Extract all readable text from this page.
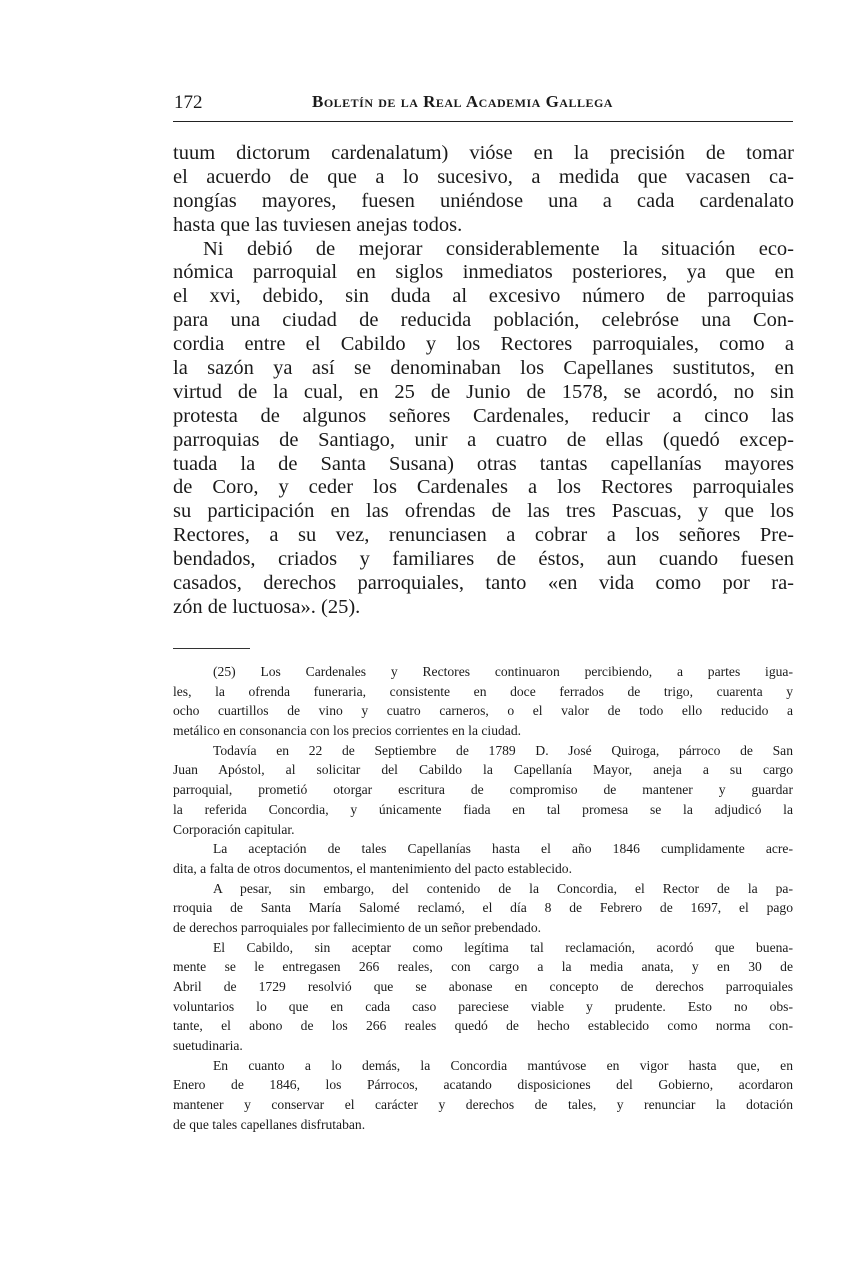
172	Boletín de la Real Academia Gallega
tuum dictorum cardenalatum) vióse en la precisión de tomar
el acuerdo de que a lo sucesivo, a medida que vacasen ca-
nongías mayores, fuesen uniéndose una a cada cardenalato
hasta que las tuviesen anejas todos.
Ni debió de mejorar considerablemente la situación eco-
nómica parroquial en siglos inmediatos posteriores, ya que en
el xvi, debido, sin duda al excesivo número de parroquias
para una ciudad de reducida población, celebróse una Con-
cordia entre el Cabildo y los Rectores parroquiales, como a
la sazón ya así se denominaban los Capellanes sustitutos, en
virtud de la cual, en 25 de Junio de 1578, se acordó, no sin
protesta de algunos señores Cardenales, reducir a cinco las
parroquias de Santiago, unir a cuatro de ellas (quedó excep-
tuada la de Santa Susana) otras tantas capellanías mayores
de Coro, y ceder los Cardenales a los Rectores parroquiales
su participación en las ofrendas de las tres Pascuas, y que los
Rectores, a su vez, renunciasen a cobrar a los señores Pre-
bendados, criados y familiares de éstos, aun cuando fuesen
casados, derechos parroquiales, tanto «en vida como por ra-
zón de luctuosa». (25).
(25) Los Cardenales y Rectores continuaron percibiendo, a partes igua-
les, la ofrenda funeraria, consistente en doce ferrados de trigo, cuarenta y
ocho cuartillos de vino y cuatro carneros, o el valor de todo ello reducido a
metálico en consonancia con los precios corrientes en la ciudad.
Todavía en 22 de Septiembre de 1789 D. José Quiroga, párroco de San
Juan Apóstol, al solicitar del Cabildo la Capellanía Mayor, aneja a su cargo
parroquial, prometió otorgar escritura de compromiso de mantener y guardar
la referida Concordia, y únicamente fiada en tal promesa se la adjudicó la
Corporación capitular.
La aceptación de tales Capellanías hasta el año 1846 cumplidamente acre-
dita, a falta de otros documentos, el mantenimiento del pacto establecido.
A pesar, sin embargo, del contenido de la Concordia, el Rector de la pa-
rroquia de Santa María Salomé reclamó, el día 8 de Febrero de 1697, el pago
de derechos parroquiales por fallecimiento de un señor prebendado.
El Cabildo, sin aceptar como legítima tal reclamación, acordó que buena-
mente se le entregasen 266 reales, con cargo a la media anata, y en 30 de
Abril de 1729 resolvió que se abonase en concepto de derechos parroquiales
voluntarios lo que en cada caso pareciese viable y prudente. Esto no obs-
tante, el abono de los 266 reales quedó de hecho establecido como norma con-
suetudinaria.
En cuanto a lo demás, la Concordia mantúvose en vigor hasta que, en
Enero de 1846, los Párrocos, acatando disposiciones del Gobierno, acordaron
mantener y conservar el carácter y derechos de tales, y renunciar la dotación
de que tales capellanes disfrutaban.
